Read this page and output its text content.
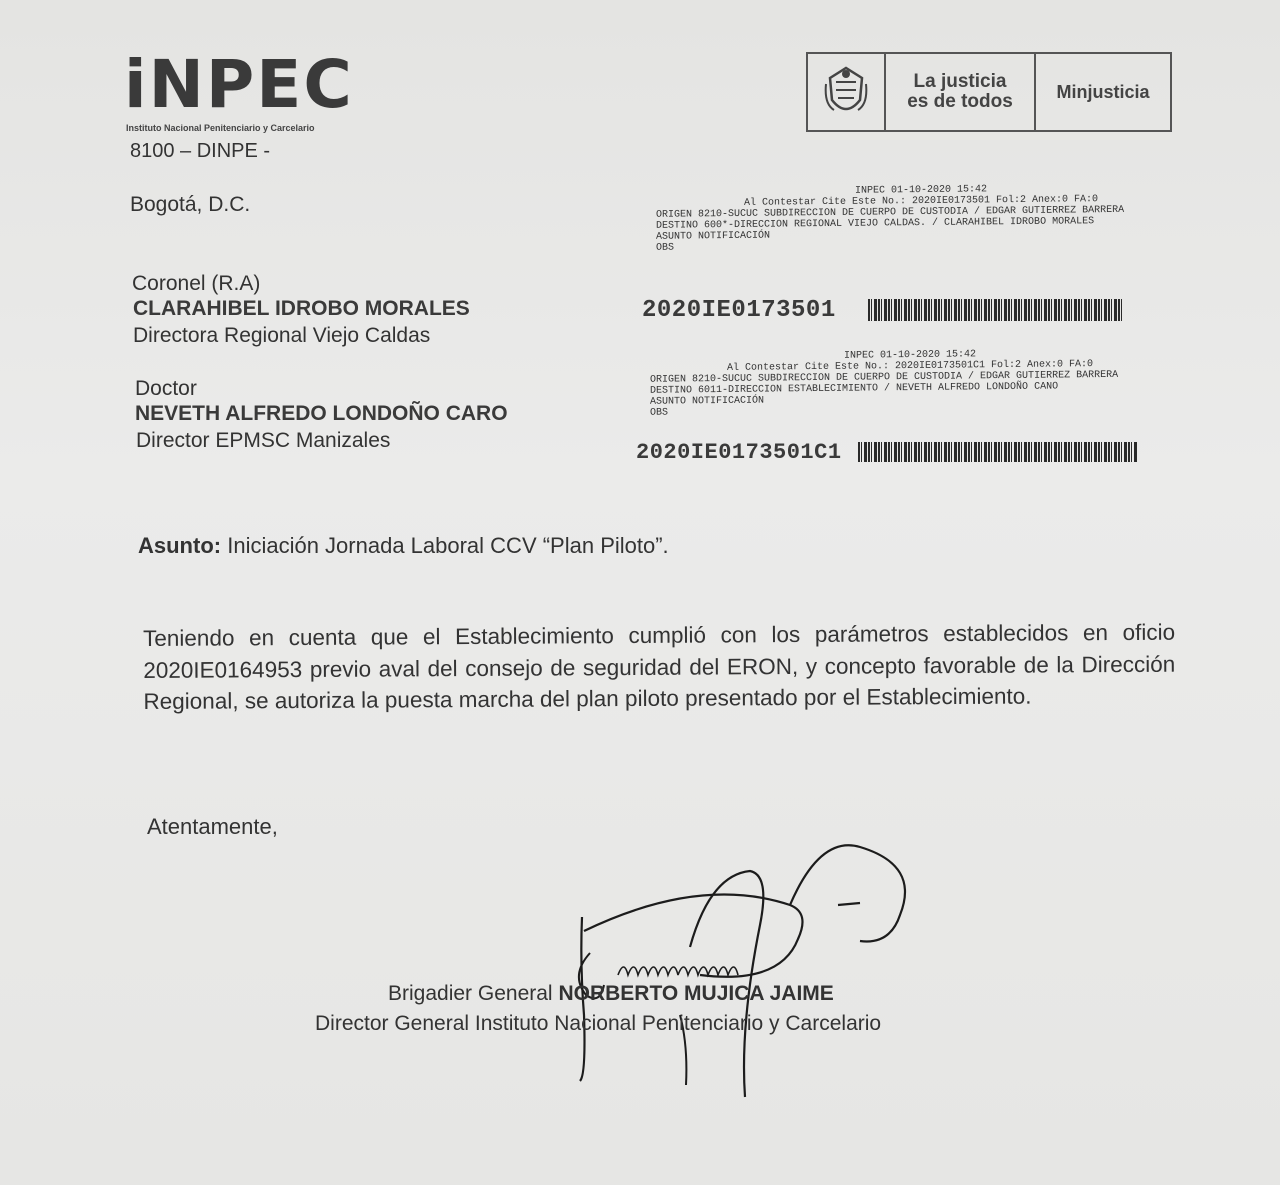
iNPEC
Instituto Nacional Penitenciario y Carcelario
8100 – DINPE -
La justicia
es de todos	Minjusticia
Bogotá, D.C.
INPEC 01-10-2020 15:42
Al Contestar Cite Este No.: 2020IE0173501 Fol:2 Anex:0 FA:0
ORIGEN 8210-SUCUC SUBDIRECCION DE CUERPO DE CUSTODIA / EDGAR GUTIERREZ BARRERA
DESTINO 600*-DIRECCION REGIONAL VIEJO CALDAS. / CLARAHIBEL IDROBO MORALES
ASUNTO NOTIFICACIÓN
OBS
2020IE0173501
INPEC 01-10-2020 15:42
Al Contestar Cite Este No.: 2020IE0173501C1 Fol:2 Anex:0 FA:0
ORIGEN 8210-SUCUC SUBDIRECCION DE CUERPO DE CUSTODIA / EDGAR GUTIERREZ BARRERA
DESTINO 6011-DIRECCION ESTABLECIMIENTO / NEVETH ALFREDO LONDOÑO CANO
ASUNTO NOTIFICACIÓN
OBS
2020IE0173501C1
Coronel (R.A)
CLARAHIBEL IDROBO MORALES
Directora Regional Viejo Caldas
Doctor
NEVETH ALFREDO LONDOÑO CARO
Director EPMSC Manizales
Asunto: Iniciación Jornada Laboral CCV “Plan Piloto”.
Teniendo en cuenta que el Establecimiento cumplió con los parámetros establecidos en oficio 2020IE0164953 previo aval del consejo de seguridad del ERON, y concepto favorable de la Dirección Regional, se autoriza la puesta marcha del plan piloto presentado por el Establecimiento.
Atentamente,
Brigadier General NORBERTO MUJICA JAIME
Director General Instituto Nacional Penitenciario y Carcelario
